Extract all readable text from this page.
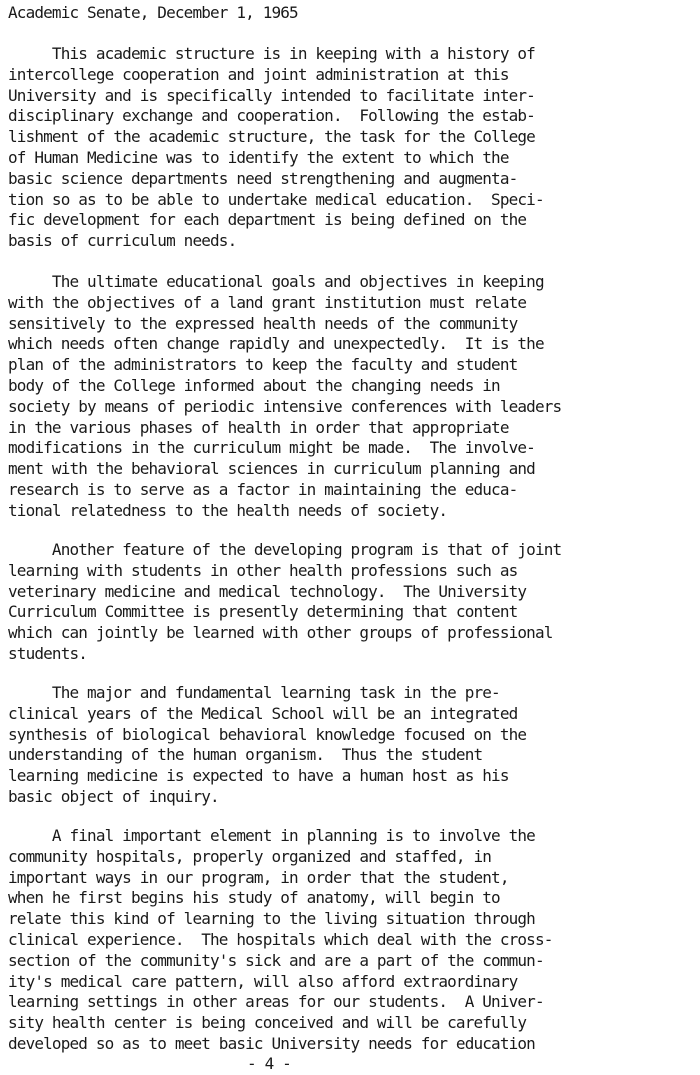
Academic Senate, December 1, 1965

This academic structure is in keeping with a history of
intercollege cooperation and joint administration at this
University and is specifically intended to facilitate inter-
disciplinary exchange and cooperation.  Following the estab-
lishment of the academic structure, the task for the College
of Human Medicine was to identify the extent to which the
basic science departments need strengthening and augmenta-
tion so as to be able to undertake medical education.  Speci-
fic development for each department is being defined on the
basis of curriculum needs.

The ultimate educational goals and objectives in keeping
with the objectives of a land grant institution must relate
sensitively to the expressed health needs of the community
which needs often change rapidly and unexpectedly.  It is the
plan of the administrators to keep the faculty and student
body of the College informed about the changing needs in
society by means of periodic intensive conferences with leaders
in the various phases of health in order that appropriate
modifications in the curriculum might be made.  The involve-
ment with the behavioral sciences in curriculum planning and
research is to serve as a factor in maintaining the educa-
tional relatedness to the health needs of society.

Another feature of the developing program is that of joint
learning with students in other health professions such as
veterinary medicine and medical technology.  The University
Curriculum Committee is presently determining that content
which can jointly be learned with other groups of professional
students.

The major and fundamental learning task in the pre-
clinical years of the Medical School will be an integrated
synthesis of biological behavioral knowledge focused on the
understanding of the human organism.  Thus the student
learning medicine is expected to have a human host as his
basic object of inquiry.

A final important element in planning is to involve the
community hospitals, properly organized and staffed, in
important ways in our program, in order that the student,
when he first begins his study of anatomy, will begin to
relate this kind of learning to the living situation through
clinical experience.  The hospitals which deal with the cross-
section of the community's sick and are a part of the commun-
ity's medical care pattern, will also afford extraordinary
learning settings in other areas for our students.  A Univer-
sity health center is being conceived and will be carefully
developed so as to meet basic University needs for education

- 4 -
